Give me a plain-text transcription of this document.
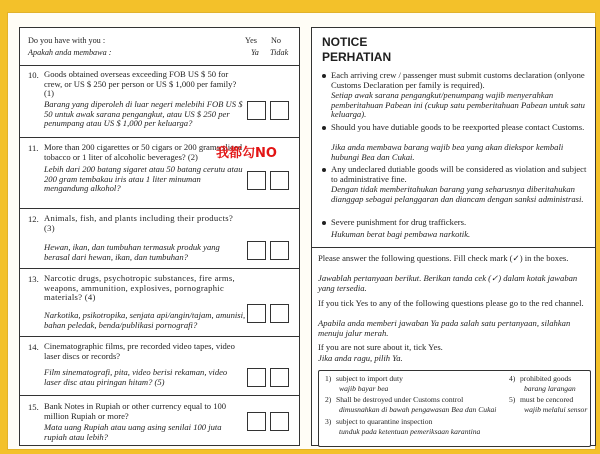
Do you have with you :
Apakah anda membawa :
Yes
Ya
No
Tidak
10. Goods obtained overseas exceeding FOB US $ 50 for crew, or US $ 250 per person or US $ 1,000 per family? (1)
Barang yang diperoleh di luar negeri melebihi FOB US $ 50 untuk awak sarana pengangkut, atau US $ 250 per penumpang atau US $ 1,000 per keluarga?
11. More than 200 cigarettes or 50 cigars or 200 grams sliced tobacco or 1 liter of alcoholic beverages? (2)
Lebih dari 200 batang sigaret atau 50 batang cerutu atau 200 gram tembakau iris atau 1 liter minuman mengandung alkohol?
12. Animals, fish, and plants including their products? (3)
Hewan, ikan, dan tumbuhan termasuk produk yang berasal dari hewan, ikan, dan tumbuhan?
13. Narcotic drugs, psychotropic substances, fire arms, weapons, ammunition, explosives, pornographic materials? (4)
Narkotika, psikotropika, senjata api/angin/tajam, amunisi, bahan peledak, benda/publikasi pornografi?
14. Cinematographic films, pre recorded video tapes, video laser discs or records?
Film sinematografi, pita, video berisi rekaman, video laser disc atau piringan hitam? (5)
15. Bank Notes in Rupiah or other currency equal to 100 million Rupiah or more?
Mata uang Rupiah atau uang asing senilai 100 juta rupiah atau lebih?
我都勾NO
NOTICE
PERHATIAN
Each arriving crew / passenger must submit customs declaration (onlyone Customs Declaration per family is required).
Setiap awak sarana pengangkut/penumpang wajib menyerahkan pemberitahuan Pabean ini (cukup satu pemberitahuan Pabean untuk satu keluarga).
Should you have dutiable goods to be reexported please contact Customs.
Jika anda membawa barang wajib bea yang akan diekspor kembali hubungi Bea dan Cukai.
Any undeclared dutiable goods will be considered as violation and subject to administrative fine.
Dengan tidak memberitahukan barang yang seharusnya diberitahukan dianggap sebagai pelanggaran dan diancam dengan sanksi administrasi.
Severe punishment for drug traffickers.
Hukuman berat bagi pembawa narkotik.
Please answer the following questions. Fill check mark (✓) in the boxes.
Jawablah pertanyaan berikut. Berikan tanda cek (✓) dalam kotak jawaban yang tersedia.
If you tick Yes to any of the following questions please go to the red channel.
Apabila anda memberi jawaban Ya pada salah satu pertanyaan, silahkan menuju jalur merah.
If you are not sure about it, tick Yes.
Jika anda ragu, pilih Ya.
1) subject to import duty
wajib bayar bea
2) Shall be destroyed under Customs control
dimusnahkan di bawah pengawasan Bea dan Cukai
3) subject to quarantine inspection
tunduk pada ketentuan pemeriksaan karantina
4) prohibited goods
barang larangan
5) must be cencored
wajib melalui sensor
